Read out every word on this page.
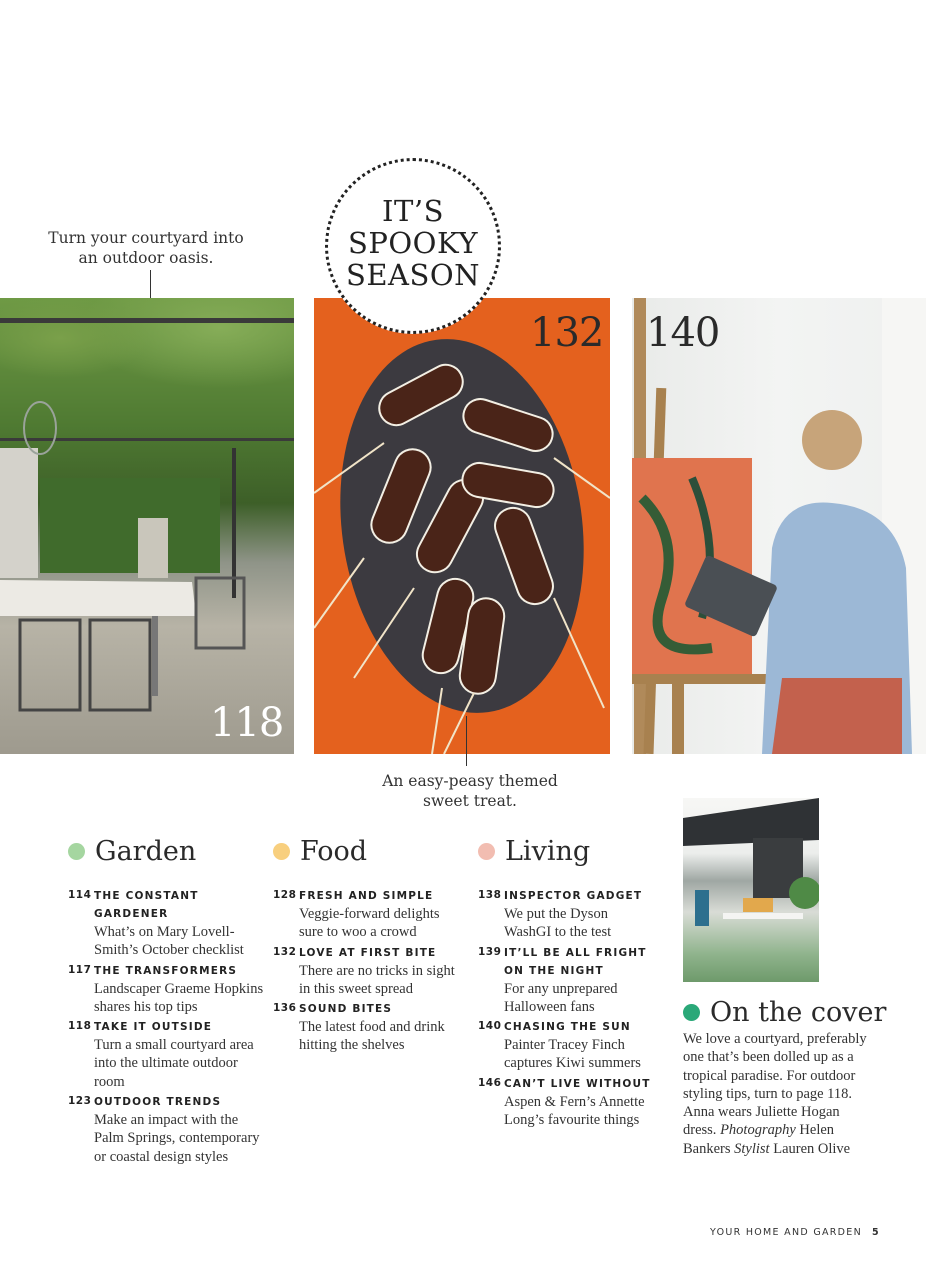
Turn your courtyard into an outdoor oasis.
118
132
IT’S
SPOOKY
SEASON
An easy-peasy themed sweet treat.
140
Garden
114 THE CONSTANT GARDENER
What’s on Mary Lovell-Smith’s October checklist
117 THE TRANSFORMERS
Landscaper Graeme Hopkins shares his top tips
118 TAKE IT OUTSIDE
Turn a small courtyard area into the ultimate outdoor room
123 OUTDOOR TRENDS
Make an impact with the Palm Springs, contemporary or coastal design styles
Food
128 FRESH AND SIMPLE
Veggie-forward delights sure to woo a crowd
132 LOVE AT FIRST BITE
There are no tricks in sight in this sweet spread
136 SOUND BITES
The latest food and drink hitting the shelves
Living
138 INSPECTOR GADGET
We put the Dyson WashGI to the test
139 IT’LL BE ALL FRIGHT ON THE NIGHT
For any unprepared Halloween fans
140 CHASING THE SUN
Painter Tracey Finch captures Kiwi summers
146 CAN’T LIVE WITHOUT
Aspen & Fern’s Annette Long’s favourite things
On the cover
We love a courtyard, preferably one that’s been dolled up as a tropical paradise. For outdoor styling tips, turn to page 118. Anna wears Juliette Hogan dress. Photography Helen Bankers Stylist Lauren Olive
YOUR HOME AND GARDEN 5
